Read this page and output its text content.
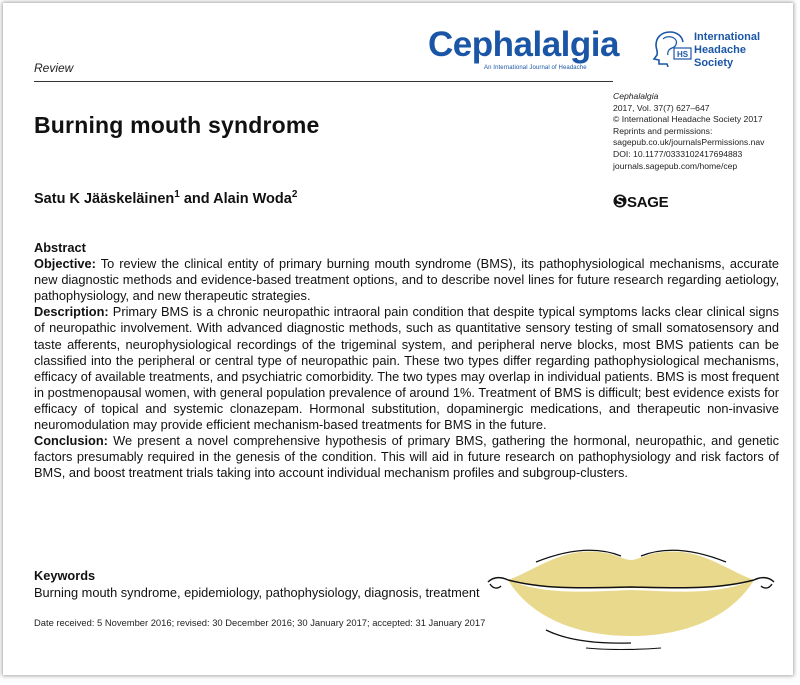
Review
Cephalalgia
An International Journal of Headache
HS
International
Headache Society
Burning mouth syndrome
Satu K Jääskeläinen$^1$ and Alain Woda$^2$
Cephalalgia
2017, Vol. 37(7) 627–647
© International Headache Society 2017
Reprints and permissions:
sagepub.co.uk/journalsPermissions.nav
DOI: 10.1177/0333102417694883
journals.sagepub.com/home/cep
SAGE
Abstract

Objective: To review the clinical entity of primary burning mouth syndrome (BMS), its pathophysiological mechanisms, accurate new diagnostic methods and evidence-based treatment options, and to describe novel lines for future research regarding aetiology, pathophysiology, and new therapeutic strategies.

Description: Primary BMS is a chronic neuropathic intraoral pain condition that despite typical symptoms lacks clear clinical signs of neuropathic involvement. With advanced diagnostic methods, such as quantitative sensory testing of small somatosensory and taste afferents, neurophysiological recordings of the trigeminal system, and peripheral nerve blocks, most BMS patients can be classified into the peripheral or central type of neuropathic pain. These two types differ regarding pathophysiological mechanisms, efficacy of available treatments, and psychiatric comorbidity. The two types may overlap in individual patients. BMS is most frequent in postmenopausal women, with general population prevalence of around 1%. Treatment of BMS is difficult; best evidence exists for efficacy of topical and systemic clonazepam. Hormonal substitution, dopaminergic medications, and therapeutic non-invasive neuromodulation may provide efficient mechanism-based treatments for BMS in the future.

Conclusion: We present a novel comprehensive hypothesis of primary BMS, gathering the hormonal, neuropathic, and genetic factors presumably required in the genesis of the condition. This will aid in future research on pathophysiology and risk factors of BMS, and boost treatment trials taking into account individual mechanism profiles and subgroup-clusters.

Keywords
Burning mouth syndrome, epidemiology, pathophysiology, diagnosis, treatment
Date received: 5 November 2016; revised: 30 December 2016; 30 January 2017; accepted: 31 January 2017
